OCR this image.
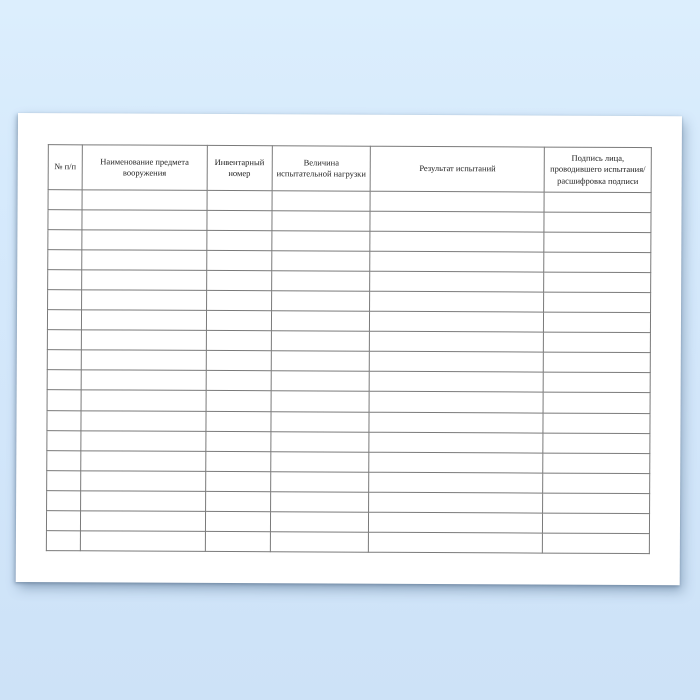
№ п/п	Наименование предмета вооружения	Инвентарный номер	Величина испытательной нагрузки	Результат испытаний	Подпись лица, проводившего испытания/ расшифровка подписи
